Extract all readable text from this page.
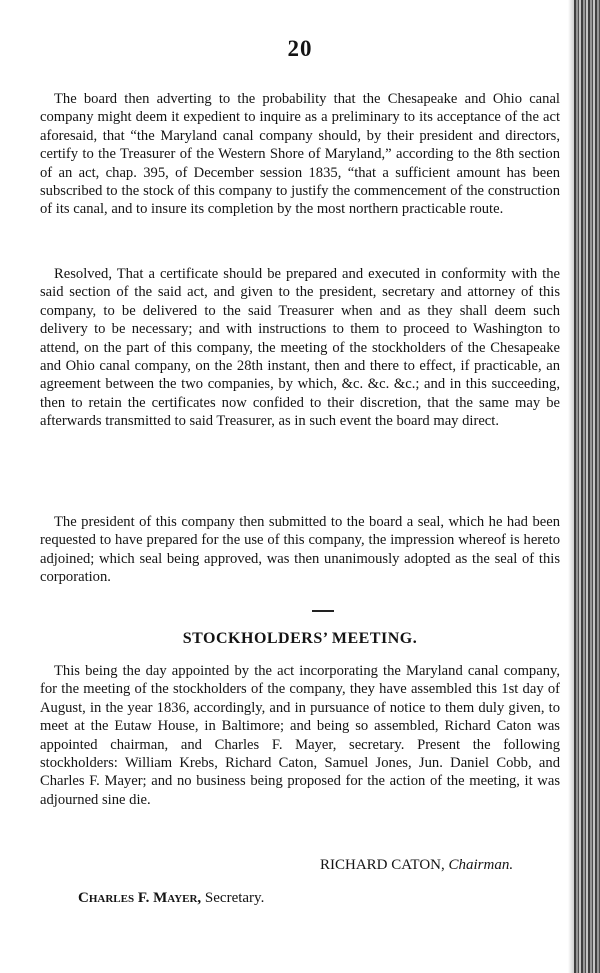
20

The board then adverting to the probability that the Chesapeake and Ohio canal company might deem it expedient to inquire as a preliminary to its acceptance of the act aforesaid, that “the Maryland canal company should, by their president and directors, certify to the Treasurer of the Western Shore of Maryland,” according to the 8th section of an act, chap. 395, of December session 1835, “that a sufficient amount has been subscribed to the stock of this company to justify the commencement of the construction of its canal, and to insure its completion by the most northern practicable route.

Resolved, That a certificate should be prepared and executed in conformity with the said section of the said act, and given to the president, secretary and attorney of this company, to be delivered to the said Treasurer when and as they shall deem such delivery to be necessary; and with instructions to them to proceed to Washington to attend, on the part of this company, the meeting of the stockholders of the Chesapeake and Ohio canal company, on the 28th instant, then and there to effect, if practicable, an agreement between the two companies, by which, &c. &c. &c.; and in this succeeding, then to retain the certificates now confided to their discretion, that the same may be afterwards transmitted to said Treasurer, as in such event the board may direct.

The president of this company then submitted to the board a seal, which he had been requested to have prepared for the use of this company, the impression whereof is hereto adjoined; which seal being approved, was then unanimously adopted as the seal of this corporation.

STOCKHOLDERS’ MEETING.

This being the day appointed by the act incorporating the Maryland canal company, for the meeting of the stockholders of the company, they have assembled this 1st day of August, in the year 1836, accordingly, and in pursuance of notice to them duly given, to meet at the Eutaw House, in Baltimore; and being so assembled, Richard Caton was appointed chairman, and Charles F. Mayer, secretary. Present the following stockholders: William Krebs, Richard Caton, Samuel Jones, Jun. Daniel Cobb, and Charles F. Mayer; and no business being proposed for the action of the meeting, it was adjourned sine die.

RICHARD CATON, Chairman.
Charles F. Mayer, Secretary.
